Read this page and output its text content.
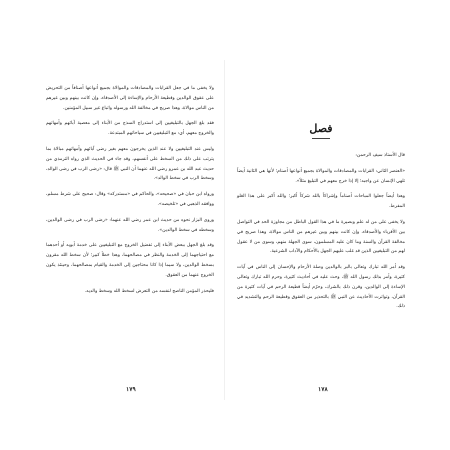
ولا يخفى ما في جعل القرابات والمصادقات والموالاة بجميع أنواعها أصنافاً من التحريض على عقوق الوالدين وقطيعة الأرحام والإساءة إلى الأصدقاء، وإن كانت بينهم وبين غيرهم من الناس موالاة، وهذا صريح في مخالفة الله ورسوله واتباع غير سبيل المؤمنين.

فقد بلغ الجهل بالتبليغيين إلى استدراج السذج من الأبناء إلى معصية آبائهم وأمهاتهم والخروج معهم، أي: مع التبليغيين في سياحاتهم المبتدعة.

وليس عند التبليغيين ولا عند الذين يخرجون معهم بغير رضى آبائهم وأمهاتهم مبالاة بما يترتب على ذلك من السخط على أنفسهم، وقد جاء في الحديث الذي رواه الترمذي من حديث عبد الله بن عمرو رضي الله عنهما أن النبي ﷺ قال: «رضى الرب في رضى الوالد، وسخط الرب في سخط الوالد».

ورواه ابن حبان في «صحيحه»، والحاكم في «مستدركه» وقال: صحيح على شرط مسلم، ووافقه الذهبي في «تلخيصه».

وروى البزار نحوه من حديث ابن عمر رضي الله عنهما: «رضى الرب في رضى الوالدين، وسخطه في سخط الوالدين».

وقد بلغ الجهل ببعض الأبناء إلى تفضيل الخروج مع التبليغيين على خدمة أبويه أو أحدهما مع احتياجهما إلى الخدمة والنظر في مصالحهما، وهذا خطأ كبير؛ لأن سخط الله مقرون بسخط الوالدين، ولا سيما إذا كانا محتاجين إلى الخدمة والقيام بمصالحهما، وحينئذ يكون الخروج عنهما من العقوق.

فليحذر المؤمن الناصح لنفسه من التعرض لسخط الله وسخط والديه.

١٧٩
فصل

قال الأستاذ سيف الرحمن:

«العنصر الثاني: القرابات والمصادقات والموالاة بجميع أنواعها أصنام؛ لأنها هي الثانية أيضاً تلهي الإنسان عن واجبه؛ إلا إذا خرج معهم في التبليغ مثلاً».

وهذا أيضاً جعلوا المباحات أصناماً وإشراكاً بالله شركاً أكبر؛ والله أكبر على هذا الغلو المفرط.

ولا يخفى على من له علم وبصيرة ما في هذا القول الباطل من مجاوزة الحد في التواصل بين الأقرباء والأصدقاء، وإن كانت بينهم وبين غيرهم من الناس موالاة، وهذا صريح في مخالفة القرآن والسنة وما كان عليه المسلمون، سوى الجهلة منهم، وسوى من لا عقول لهم من التبليغيين الذين قد غلب عليهم الجهل بالأحكام والآداب الشرعية.

وقد أمر الله تبارك وتعالى بالبر بالوالدين وصلة الأرحام والإحسان إلى الناس في آيات كثيرة، وأمر بذلك رسول الله ﷺ، وحث عليه في أحاديث كثيرة، وحرم الله تبارك وتعالى الإساءة إلى الوالدين، وقرن ذلك بالشرك، وحرّم أيضاً قطيعة الرحم في آيات كثيرة من القرآن، وتواترت الأحاديث عن النبي ﷺ بالتحذير من العقوق وقطيعة الرحم والتشديد في ذلك.

١٧٨
